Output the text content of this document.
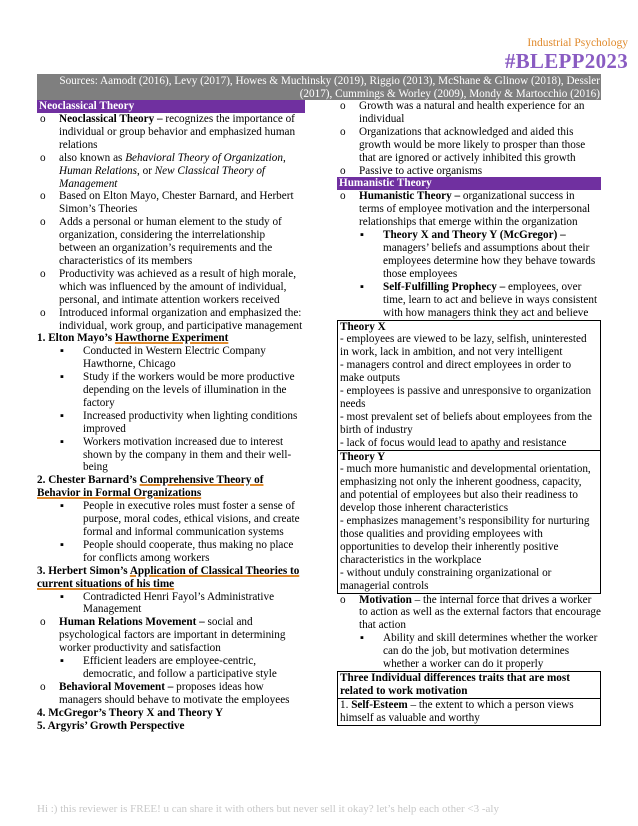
Industrial Psychology
#BLEPP2023
Sources: Aamodt (2016), Levy (2017), Howes & Muchinsky (2019), Riggio (2013), McShane & Glinow (2018), Dessler (2017), Cummings & Worley (2009), Mondy & Martocchio (2016)
Neoclassical Theory
o Neoclassical Theory – recognizes the importance of individual or group behavior and emphasized human relations
o also known as Behavioral Theory of Organization, Human Relations, or New Classical Theory of Management
o Based on Elton Mayo, Chester Barnard, and Herbert Simon’s Theories
o Adds a personal or human element to the study of organization, considering the interrelationship between an organization’s requirements and the characteristics of its members
o Productivity was achieved as a result of high morale, which was influenced by the amount of individual, personal, and intimate attention workers received
o Introduced informal organization and emphasized the: individual, work group, and participative management
1. Elton Mayo’s Hawthorne Experiment
▪ Conducted in Western Electric Company Hawthorne, Chicago
▪ Study if the workers would be more productive depending on the levels of illumination in the factory
▪ Increased productivity when lighting conditions improved
▪ Workers motivation increased due to interest shown by the company in them and their well-being
2. Chester Barnard’s Comprehensive Theory of Behavior in Formal Organizations
▪ People in executive roles must foster a sense of purpose, moral codes, ethical visions, and create formal and informal communication systems
▪ People should cooperate, thus making no place for conflicts among workers
3. Herbert Simon’s Application of Classical Theories to current situations of his time
▪ Contradicted Henri Fayol’s Administrative Management
o Human Relations Movement – social and psychological factors are important in determining worker productivity and satisfaction
▪ Efficient leaders are employee-centric, democratic, and follow a participative style
o Behavioral Movement – proposes ideas how managers should behave to motivate the employees
4. McGregor’s Theory X and Theory Y
5. Argyris’ Growth Perspective
o Growth was a natural and health experience for an individual
o Organizations that acknowledged and aided this growth would be more likely to prosper than those that are ignored or actively inhibited this growth
o Passive to active organisms
Humanistic Theory
o Humanistic Theory – organizational success in terms of employee motivation and the interpersonal relationships that emerge within the organization
▪ Theory X and Theory Y (McGregor) – managers’ beliefs and assumptions about their employees determine how they behave towards those employees
▪ Self-Fulfilling Prophecy – employees, over time, learn to act and believe in ways consistent with how managers think they act and believe
Theory X
- employees are viewed to be lazy, selfish, uninterested in work, lack in ambition, and not very intelligent
- managers control and direct employees in order to make outputs
- employees is passive and unresponsive to organization needs
- most prevalent set of beliefs about employees from the birth of industry
- lack of focus would lead to apathy and resistance
Theory Y
- much more humanistic and developmental orientation, emphasizing not only the inherent goodness, capacity, and potential of employees but also their readiness to develop those inherent characteristics
- emphasizes management’s responsibility for nurturing those qualities and providing employees with opportunities to develop their inherently positive characteristics in the workplace
- without unduly constraining organizational or managerial controls
o Motivation – the internal force that drives a worker to action as well as the external factors that encourage that action
▪ Ability and skill determines whether the worker can do the job, but motivation determines whether a worker can do it properly
Three Individual differences traits that are most related to work motivation
1. Self-Esteem – the extent to which a person views himself as valuable and worthy
Hi :) this reviewer is FREE! u can share it with others but never sell it okay? let’s help each other <3 -aly
